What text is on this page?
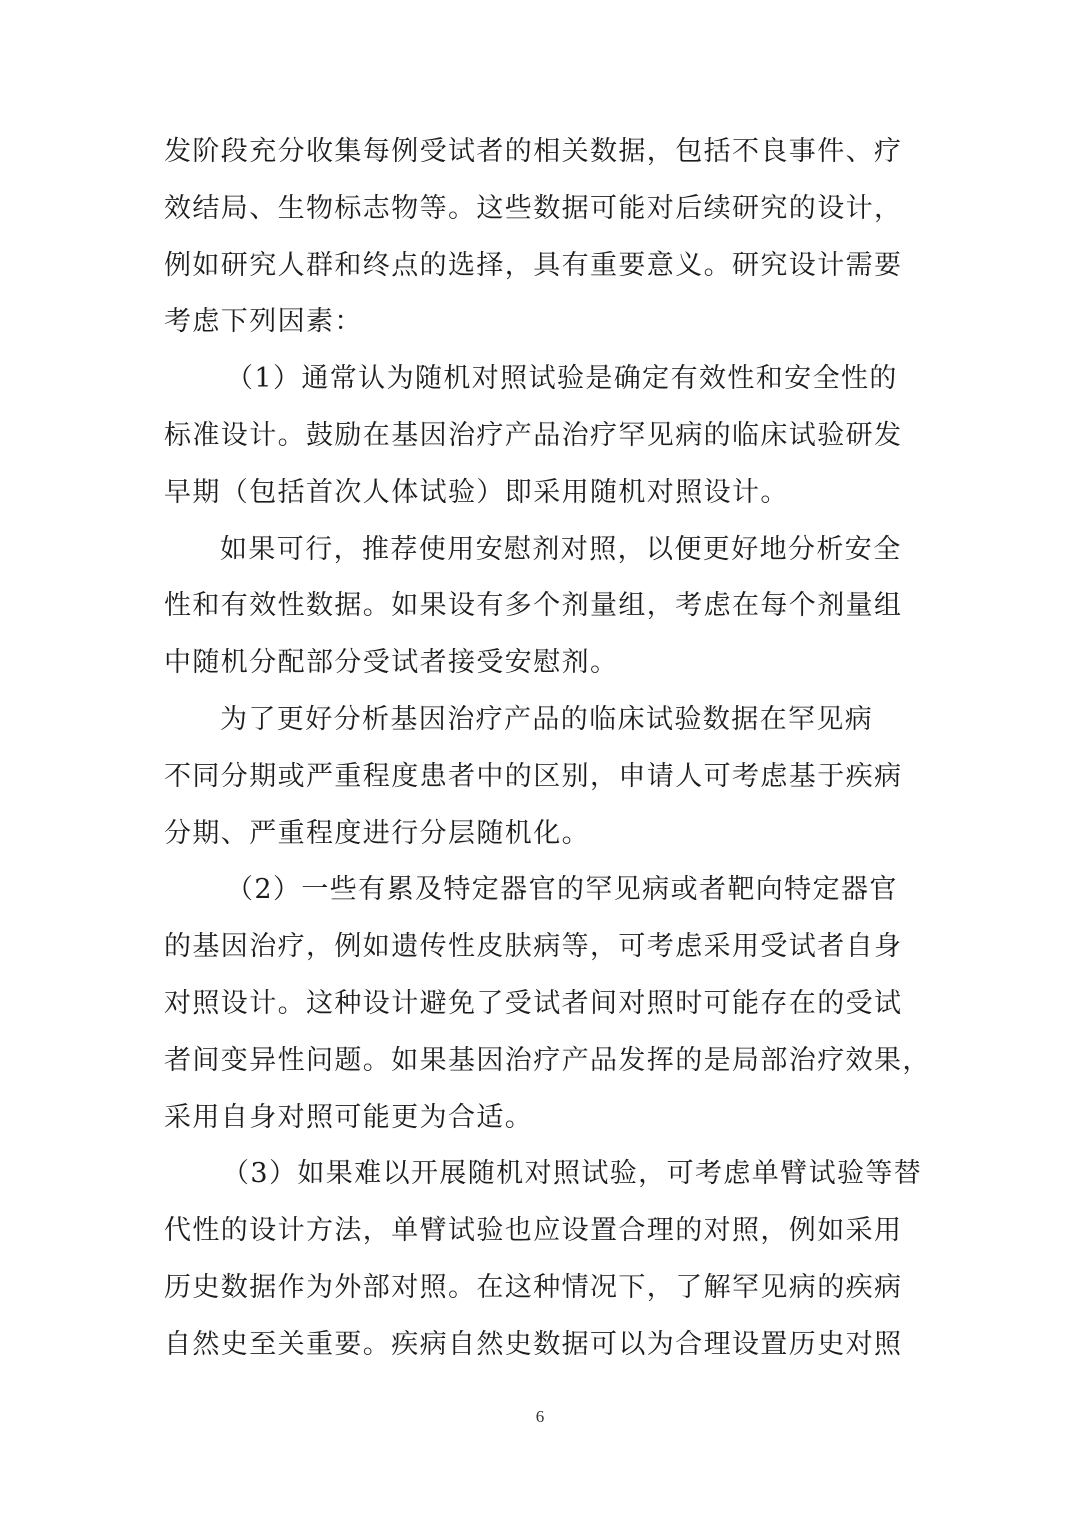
发阶段充分收集每例受试者的相关数据，包括不良事件、疗
效结局、生物标志物等。这些数据可能对后续研究的设计，
例如研究人群和终点的选择，具有重要意义。研究设计需要
考虑下列因素：
（1）通常认为随机对照试验是确定有效性和安全性的
标准设计。鼓励在基因治疗产品治疗罕见病的临床试验研发
早期（包括首次人体试验）即采用随机对照设计。
如果可行，推荐使用安慰剂对照，以便更好地分析安全
性和有效性数据。如果设有多个剂量组，考虑在每个剂量组
中随机分配部分受试者接受安慰剂。
为了更好分析基因治疗产品的临床试验数据在罕见病
不同分期或严重程度患者中的区别，申请人可考虑基于疾病
分期、严重程度进行分层随机化。
（2）一些有累及特定器官的罕见病或者靶向特定器官
的基因治疗，例如遗传性皮肤病等，可考虑采用受试者自身
对照设计。这种设计避免了受试者间对照时可能存在的受试
者间变异性问题。如果基因治疗产品发挥的是局部治疗效果，
采用自身对照可能更为合适。
（3）如果难以开展随机对照试验，可考虑单臂试验等替
代性的设计方法，单臂试验也应设置合理的对照，例如采用
历史数据作为外部对照。在这种情况下，了解罕见病的疾病
自然史至关重要。疾病自然史数据可以为合理设置历史对照
6
